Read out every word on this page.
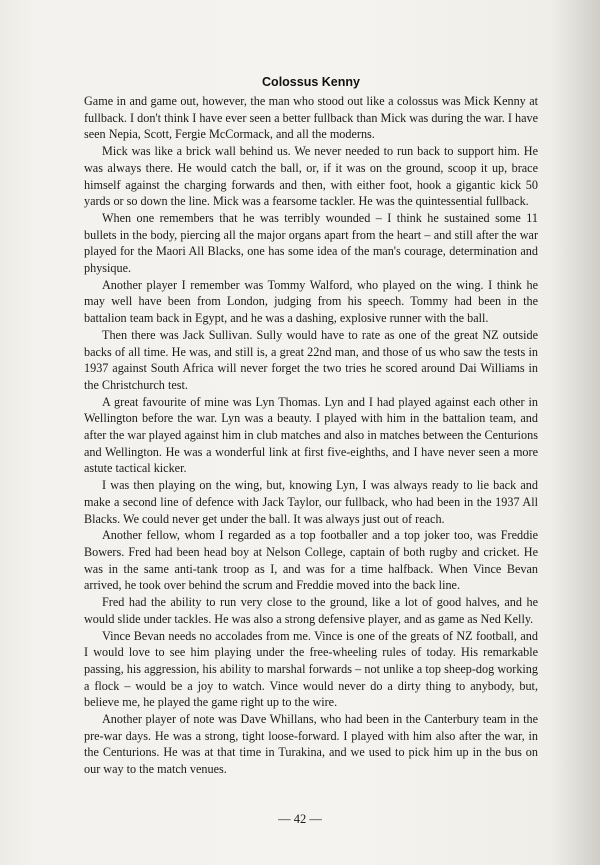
Colossus Kenny

Game in and game out, however, the man who stood out like a colossus was Mick Kenny at fullback. I don't think I have ever seen a better fullback than Mick was during the war. I have seen Nepia, Scott, Fergie McCormack, and all the moderns.

Mick was like a brick wall behind us. We never needed to run back to support him. He was always there. He would catch the ball, or, if it was on the ground, scoop it up, brace himself against the charging forwards and then, with either foot, hook a gigantic kick 50 yards or so down the line. Mick was a fearsome tackler. He was the quintessential fullback.

When one remembers that he was terribly wounded – I think he sustained some 11 bullets in the body, piercing all the major organs apart from the heart – and still after the war played for the Maori All Blacks, one has some idea of the man's courage, determination and physique.

Another player I remember was Tommy Walford, who played on the wing. I think he may well have been from London, judging from his speech. Tommy had been in the battalion team back in Egypt, and he was a dashing, explosive runner with the ball.

Then there was Jack Sullivan. Sully would have to rate as one of the great NZ outside backs of all time. He was, and still is, a great 22nd man, and those of us who saw the tests in 1937 against South Africa will never forget the two tries he scored around Dai Williams in the Christchurch test.

A great favourite of mine was Lyn Thomas. Lyn and I had played against each other in Wellington before the war. Lyn was a beauty. I played with him in the battalion team, and after the war played against him in club matches and also in matches between the Centurions and Wellington. He was a wonderful link at first five-eighths, and I have never seen a more astute tactical kicker.

I was then playing on the wing, but, knowing Lyn, I was always ready to lie back and make a second line of defence with Jack Taylor, our fullback, who had been in the 1937 All Blacks. We could never get under the ball. It was always just out of reach.

Another fellow, whom I regarded as a top footballer and a top joker too, was Freddie Bowers. Fred had been head boy at Nelson College, captain of both rugby and cricket. He was in the same anti-tank troop as I, and was for a time halfback. When Vince Bevan arrived, he took over behind the scrum and Freddie moved into the back line.

Fred had the ability to run very close to the ground, like a lot of good halves, and he would slide under tackles. He was also a strong defensive player, and as game as Ned Kelly.

Vince Bevan needs no accolades from me. Vince is one of the greats of NZ football, and I would love to see him playing under the free-wheeling rules of today. His remarkable passing, his aggression, his ability to marshal forwards – not unlike a top sheep-dog working a flock – would be a joy to watch. Vince would never do a dirty thing to anybody, but, believe me, he played the game right up to the wire.

Another player of note was Dave Whillans, who had been in the Canterbury team in the pre-war days. He was a strong, tight loose-forward. I played with him also after the war, in the Centurions. He was at that time in Turakina, and we used to pick him up in the bus on our way to the match venues.

— 42 —
